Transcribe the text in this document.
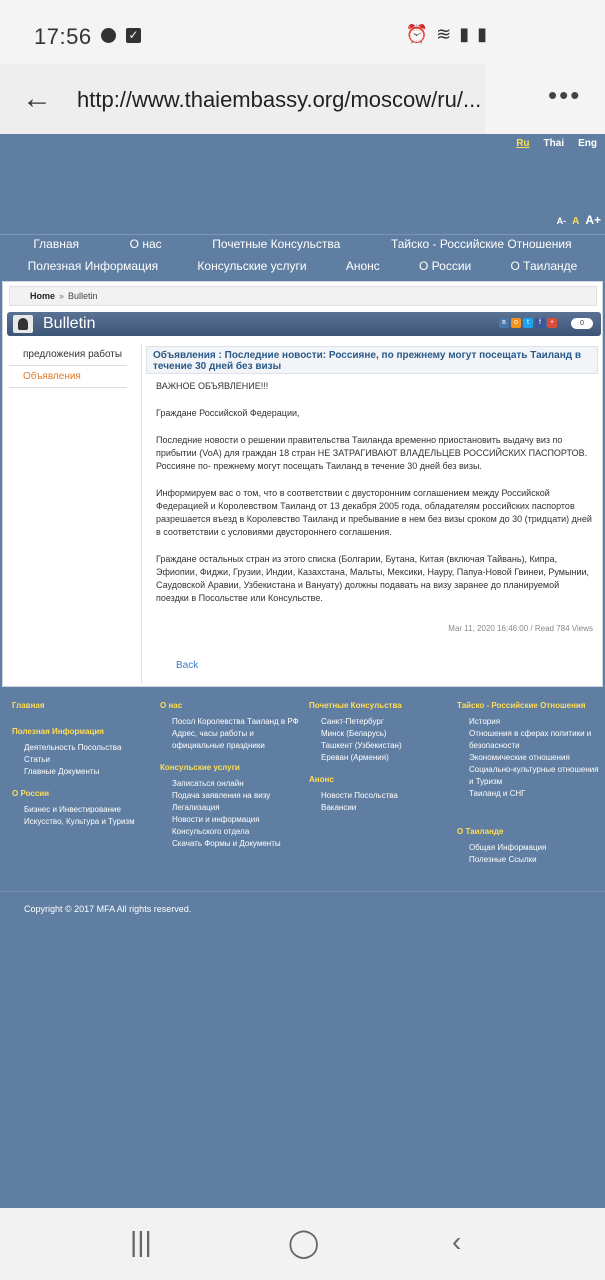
17:56	✓	⏰ ≋ ▮ ▮
← http://www.thaiembassy.org/moscow/ru/...	•••
Ru Thai Eng
A- A A+
Главная	О нас	Почетные Консульства	Тайско - Российские Отношения
Полезная Информация	Консульские услуги	Анонс	О России	О Таиланде
Home » Bulletin
Bulletin	в	o	t	f	+	0
предложения работы
Объявления
Объявления : Последние новости: Россияне, по прежнему могут посещать Таиланд в течение 30 дней без визы

ВАЖНОЕ ОБЪЯВЛЕНИЕ!!!

Граждане Российской Федерации,

Последние новости о решении правительства Таиланда временно приостановить выдачу виз по прибытии (VoA) для граждан 18 стран НЕ ЗАТРАГИВАЮТ ВЛАДЕЛЬЦЕВ РОССИЙСКИХ ПАСПОРТОВ. Россияне по- прежнему могут посещать Таиланд в течение 30 дней без визы.

Информируем вас о том, что в соответствии с двусторонним соглашением между Российской Федерацией и Королевством Таиланд от 13 декабря 2005 года, обладателям российских паспортов разрешается въезд в Королевство Таиланд и пребывание в нем без визы сроком до 30 (тридцати) дней в соответствии с условиями двустороннего соглашения.

Граждане остальных стран из этого списка (Болгарии, Бутана, Китая (включая Тайвань), Кипра, Эфиопии, Фиджи, Грузии, Индии, Казахстана, Мальты, Мексики, Науру, Папуа-Новой Гвинеи, Румынии, Саудовской Аравии, Узбекистана и Вануату) должны подавать на визу заранее до планируемой поездки в Посольстве или Консульстве.

Mar 11, 2020 16:46:00 / Read 784 Views
Back
Главная
Полезная Информация
Деятельность Посольства
Статьи
Главные Документы
О России
Бизнес и Инвестирование
Искусство, Культура и Туризм
О нас
Посол Королевства Таиланд в РФ
Адрес, часы работы и официальные праздники
Консульские услуги
Записаться онлайн
Подача заявления на визу
Легализация
Новости и информация Консульского отдела
Скачать Формы и Документы
Почетные Консульства
Санкт-Петербург
Минск (Беларусь)
Ташкент (Узбекистан)
Ереван (Армения)
Анонс
Новости Посольства
Вакансии
Тайско - Российские Отношения
История
Отношения в сферах политики и безопасности
Экономические отношения
Социально-культурные отношения и Туризм
Таиланд и СНГ
О Таиланде
Общая Информация
Полезные Ссылки
Copyright © 2017 MFA All rights reserved.
|||	◯	‹
